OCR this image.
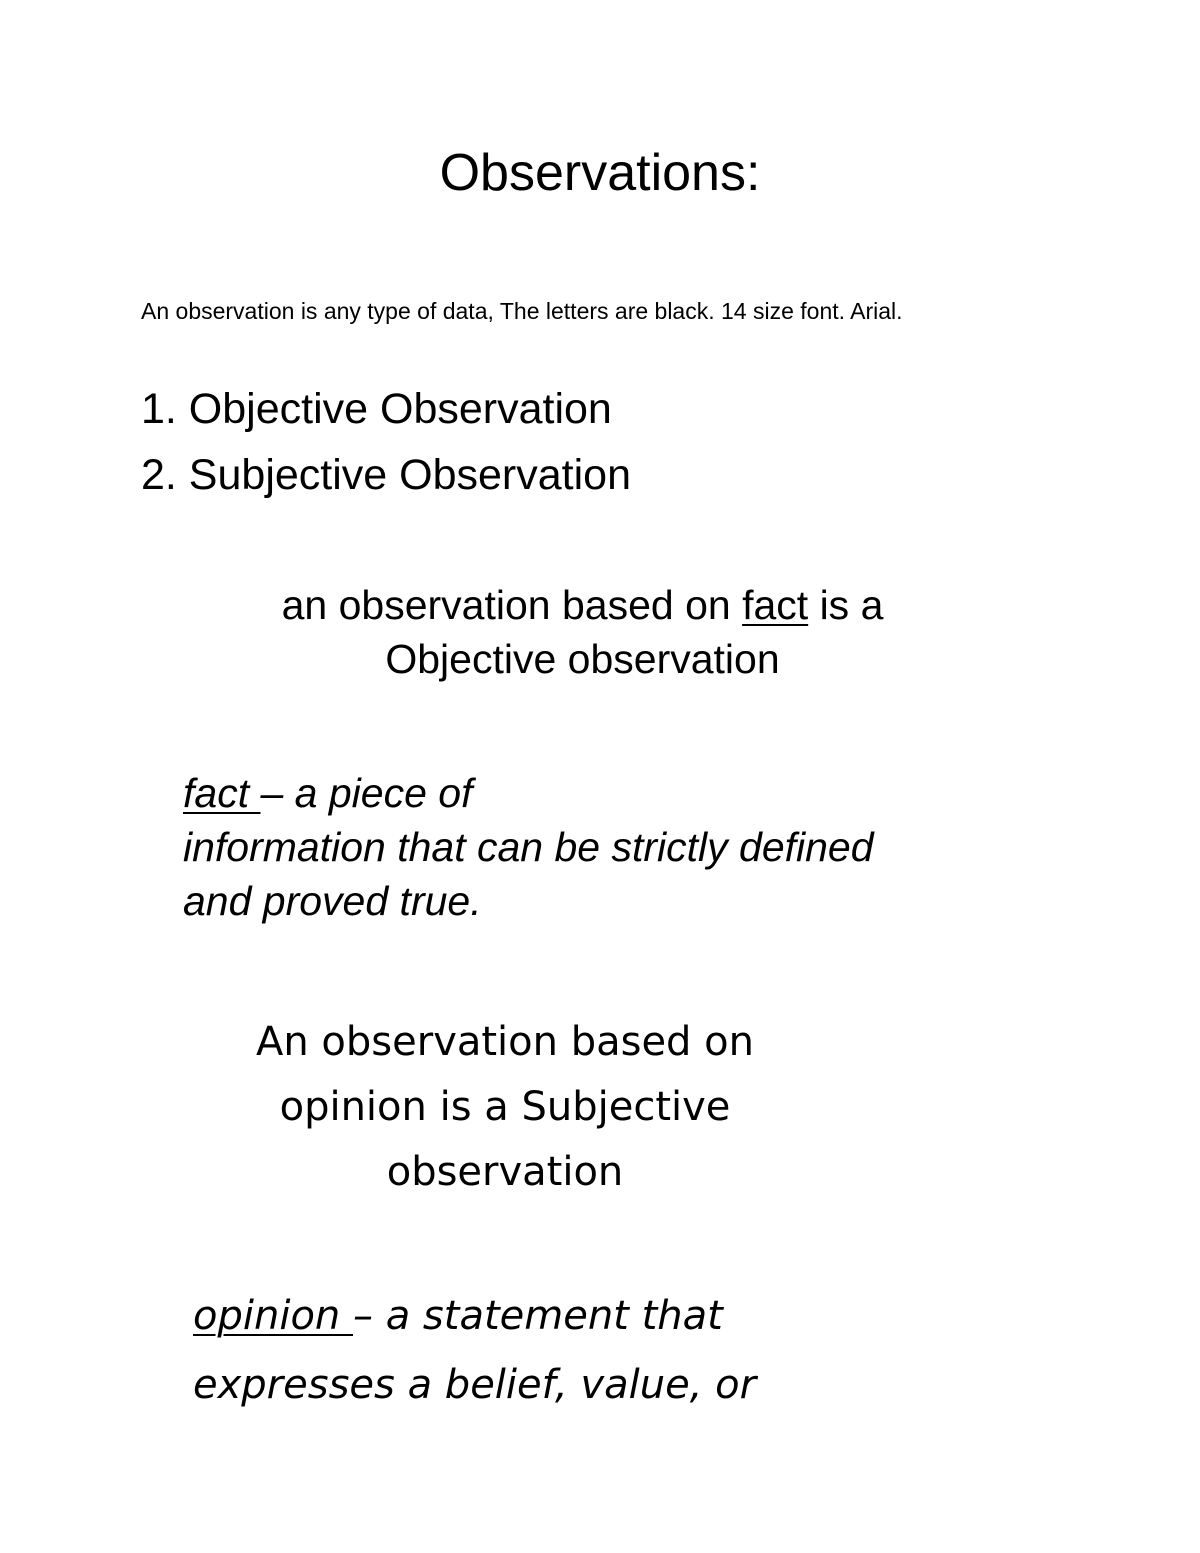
Observations:

An observation is any type of data, The letters are black. 14 size font. Arial.

1. Objective Observation
2. Subjective Observation
an observation based on fact is a
Objective observation
fact – a piece of
information that can be strictly defined
and proved true.
An observation based on
opinion is a Subjective
observation
opinion – a statement that
expresses a belief, value, or
